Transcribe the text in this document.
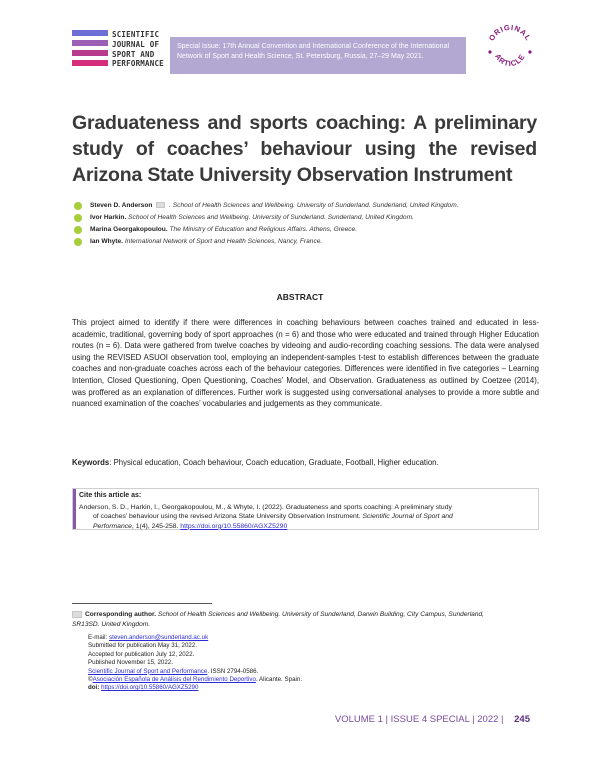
SCIENTIFIC
JOURNAL OF
SPORT AND
PERFORMANCE
Special Issue: 17th Annual Convention and International Conference of the International Network of Sport and Health Science, St. Petersburg, Russia, 27–29 May 2021.
ORIGINAL
ARTICLE
Graduateness and sports coaching: A preliminary study of coaches’ behaviour using the revised Arizona State University Observation Instrument
Steven D. Anderson	. School of Health Sciences and Wellbeing. University of Sunderland. Sunderland, United Kingdom.
Ivor Harkin. School of Health Sciences and Wellbeing. University of Sunderland. Sunderland, United Kingdom.
Marina Georgakopoulou. The Ministry of Education and Religious Affairs. Athens, Greece.
Ian Whyte. International Network of Sport and Health Sciences, Nancy, France.
ABSTRACT

This project aimed to identify if there were differences in coaching behaviours between coaches trained and educated in less-academic, traditional, governing body of sport approaches (n = 6) and those who were educated and trained through Higher Education routes (n = 6). Data were gathered from twelve coaches by videoing and audio-recording coaching sessions. The data were analysed using the REVISED ASUOI observation tool, employing an independent-samples t-test to establish differences between the graduate coaches and non-graduate coaches across each of the behaviour categories. Differences were identified in five categories – Learning Intention, Closed Questioning, Open Questioning, Coaches’ Model, and Observation. Graduateness as outlined by Coetzee (2014), was proffered as an explanation of differences. Further work is suggested using conversational analyses to provide a more subtle and nuanced examination of the coaches’ vocabularies and judgements as they communicate.

Keywords: Physical education, Coach behaviour, Coach education, Graduate, Football, Higher education.

Cite this article as:
Anderson, S. D., Harkin, I., Georgakopoulou, M., & Whyte, I. (2022). Graduateness and sports coaching: A preliminary study
of coaches’ behaviour using the revised Arizona State University Observation Instrument. Scientific Journal of Sport and
Performance, 1(4), 245-258. https://doi.org/10.55860/AGXZ5290
Corresponding author. School of Health Sciences and Wellbeing. University of Sunderland, Darwin Building, City Campus, Sunderland,
SR13SD. United Kingdom.
E-mail: steven.anderson@sunderland.ac.uk
Submitted for publication May 31, 2022.
Accepted for publication July 12, 2022.
Published November 15, 2022.
Scientific Journal of Sport and Performance. ISSN 2794-0586.
©Asociación Española de Análisis del Rendimiento Deportivo. Alicante. Spain.
doi: https://doi.org/10.55860/AGXZ5290
VOLUME 1 | ISSUE 4 SPECIAL | 2022 | 245
